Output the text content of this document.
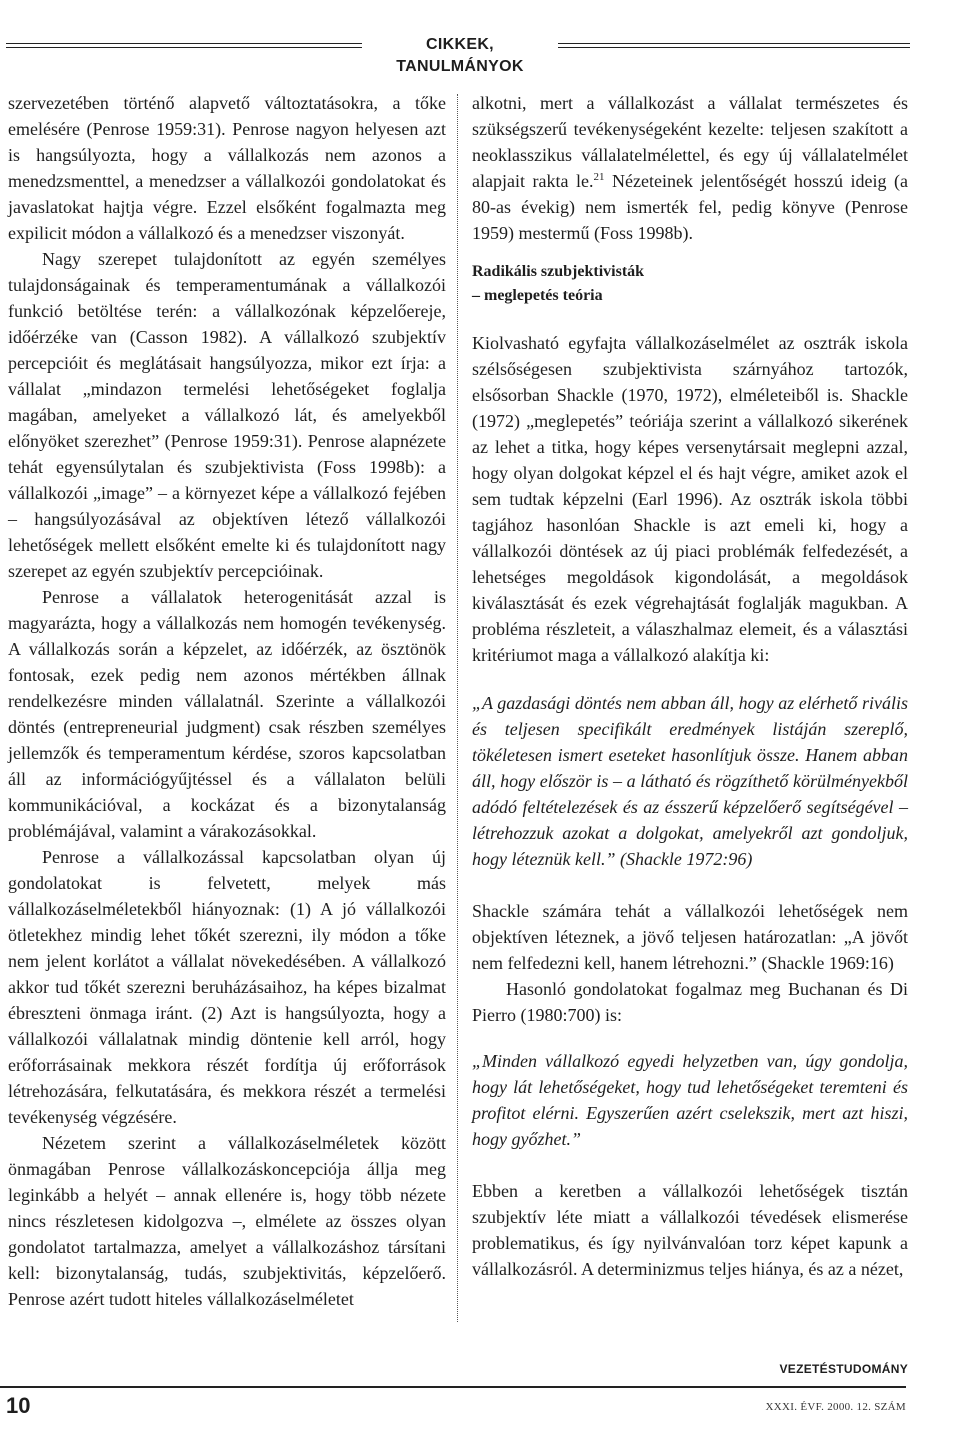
CIKKEK, TANULMÁNYOK

szervezetében történő alapvető változtatásokra, a tőke emelésére (Penrose 1959:31). Penrose nagyon helyesen azt is hangsúlyozta, hogy a vállalkozás nem azonos a menedzsmenttel, a menedzser a vállalkozói gondolatokat és javaslatokat hajtja végre. Ezzel elsőként fogalmazta meg expilicit módon a vállalkozó és a menedzser viszonyát.

Nagy szerepet tulajdonított az egyén személyes tulajdonságainak és temperamentumának a vállalkozói funkció betöltése terén: a vállalkozónak képzelőereje, időérzéke van (Casson 1982). A vállalkozó szubjektív percepcióit és meglátásait hangsúlyozza, mikor ezt írja: a vállalat „mindazon termelési lehetőségeket foglalja magában, amelyeket a vállalkozó lát, és amelyekből előnyöket szerezhet” (Penrose 1959:31). Penrose alapnézete tehát egyensúlytalan és szubjektivista (Foss 1998b): a vállalkozói „image” – a környezet képe a vállalkozó fejében – hangsúlyozásával az objektíven létező vállalkozói lehetőségek mellett elsőként emelte ki és tulajdonított nagy szerepet az egyén szubjektív percepcióinak.

Penrose a vállalatok heterogenitását azzal is magyarázta, hogy a vállalkozás nem homogén tevékenység. A vállalkozás során a képzelet, az időérzék, az ösztönök fontosak, ezek pedig nem azonos mértékben állnak rendelkezésre minden vállalatnál. Szerinte a vállalkozói döntés (entrepreneurial judgment) csak részben személyes jellemzők és temperamentum kérdése, szoros kapcsolatban áll az információgyűjtéssel és a vállalaton belüli kommunikációval, a kockázat és a bizonytalanság problémájával, valamint a várakozásokkal.

Penrose a vállalkozással kapcsolatban olyan új gondolatokat is felvetett, melyek más vállalkozáselméletekből hiányoznak: (1) A jó vállalkozói ötletekhez mindig lehet tőkét szerezni, ily módon a tőke nem jelent korlátot a vállalat növekedésében. A vállalkozó akkor tud tőkét szerezni beruházásaihoz, ha képes bizalmat ébreszteni önmaga iránt. (2) Azt is hangsúlyozta, hogy a vállalkozói vállalatnak mindig döntenie kell arról, hogy erőforrásainak mekkora részét fordítja új erőforrások létrehozására, felkutatására, és mekkora részét a termelési tevékenység végzésére.

Nézetem szerint a vállalkozáselméletek között önmagában Penrose vállalkozáskoncepciója állja meg leginkább a helyét – annak ellenére is, hogy több nézete nincs részletesen kidolgozva –, elmélete az összes olyan gondolatot tartalmazza, amelyet a vállalkozáshoz társítani kell: bizonytalanság, tudás, szubjektivitás, képzelőerő. Penrose azért tudott hiteles vállalkozáselméletet

alkotni, mert a vállalkozást a vállalat természetes és szükségszerű tevékenységeként kezelte: teljesen szakított a neoklasszikus vállalatelmélettel, és egy új vállalatelmélet alapjait rakta le.$^{21}$ Nézeteinek jelentőségét hosszú ideig (a 80-as évekig) nem ismerték fel, pedig könyve (Penrose 1959) mestermű (Foss 1998b).

Radikális szubjektivisták
– meglepetés teória

Kiolvasható egyfajta vállalkozáselmélet az osztrák iskola szélsőségesen szubjektivista szárnyához tartozók, elsősorban Shackle (1970, 1972), elméleteiből is. Shackle (1972) „meglepetés” teóriája szerint a vállalkozó sikerének az lehet a titka, hogy képes versenytársait meglepni azzal, hogy olyan dolgokat képzel el és hajt végre, amiket azok el sem tudtak képzelni (Earl 1996). Az osztrák iskola többi tagjához hasonlóan Shackle is azt emeli ki, hogy a vállalkozói döntések az új piaci problémák felfedezését, a lehetséges megoldások kigondolását, a megoldások kiválasztását és ezek végrehajtását foglalják magukban. A probléma részleteit, a válaszhalmaz elemeit, és a választási kritériumot maga a vállalkozó alakítja ki:

„A gazdasági döntés nem abban áll, hogy az elérhető rivális és teljesen specifikált eredmények listáján szereplő, tökéletesen ismert eseteket hasonlítjuk össze. Hanem abban áll, hogy először is – a látható és rögzíthető körülményekből adódó feltételezések és az ésszerű képzelőerő segítségével – létrehozzuk azokat a dolgokat, amelyekről azt gondoljuk, hogy léteznük kell.” (Shackle 1972:96)

Shackle számára tehát a vállalkozói lehetőségek nem objektíven léteznek, a jövő teljesen határozatlan: „A jövőt nem felfedezni kell, hanem létrehozni.” (Shackle 1969:16)

Hasonló gondolatokat fogalmaz meg Buchanan és Di Pierro (1980:700) is:

„Minden vállalkozó egyedi helyzetben van, úgy gondolja, hogy lát lehetőségeket, hogy tud lehetőségeket teremteni és profitot elérni. Egyszerűen azért cselekszik, mert azt hiszi, hogy győzhet.”

Ebben a keretben a vállalkozói lehetőségek tisztán szubjektív léte miatt a vállalkozói tévedések elismerése problematikus, és így nyilvánvalóan torz képet kapunk a vállalkozásról. A determinizmus teljes hiánya, és az a nézet,

VEZETÉSTUDOMÁNY
10	XXXI. ÉVF. 2000. 12. SZÁM
